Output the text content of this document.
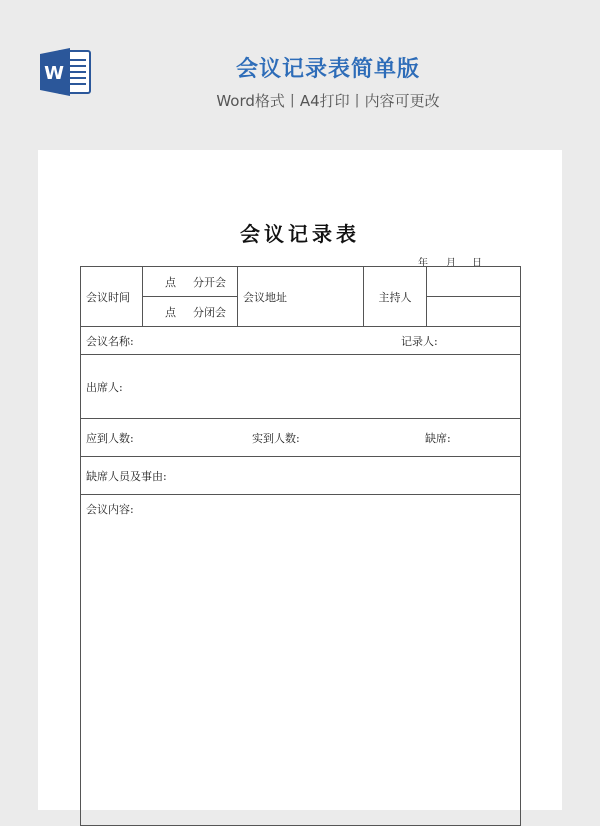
W	会议记录表简单版
Word格式丨A4打印丨内容可更改
会议记录表
年 月 日
会议时间	点 分开会	会议地址	主持人	
	点 分闭会			

会议名称: 记录人:				

出席人:				

应到人数: 实到人数: 缺席:				

缺席人员及事由:				
会议内容:				
